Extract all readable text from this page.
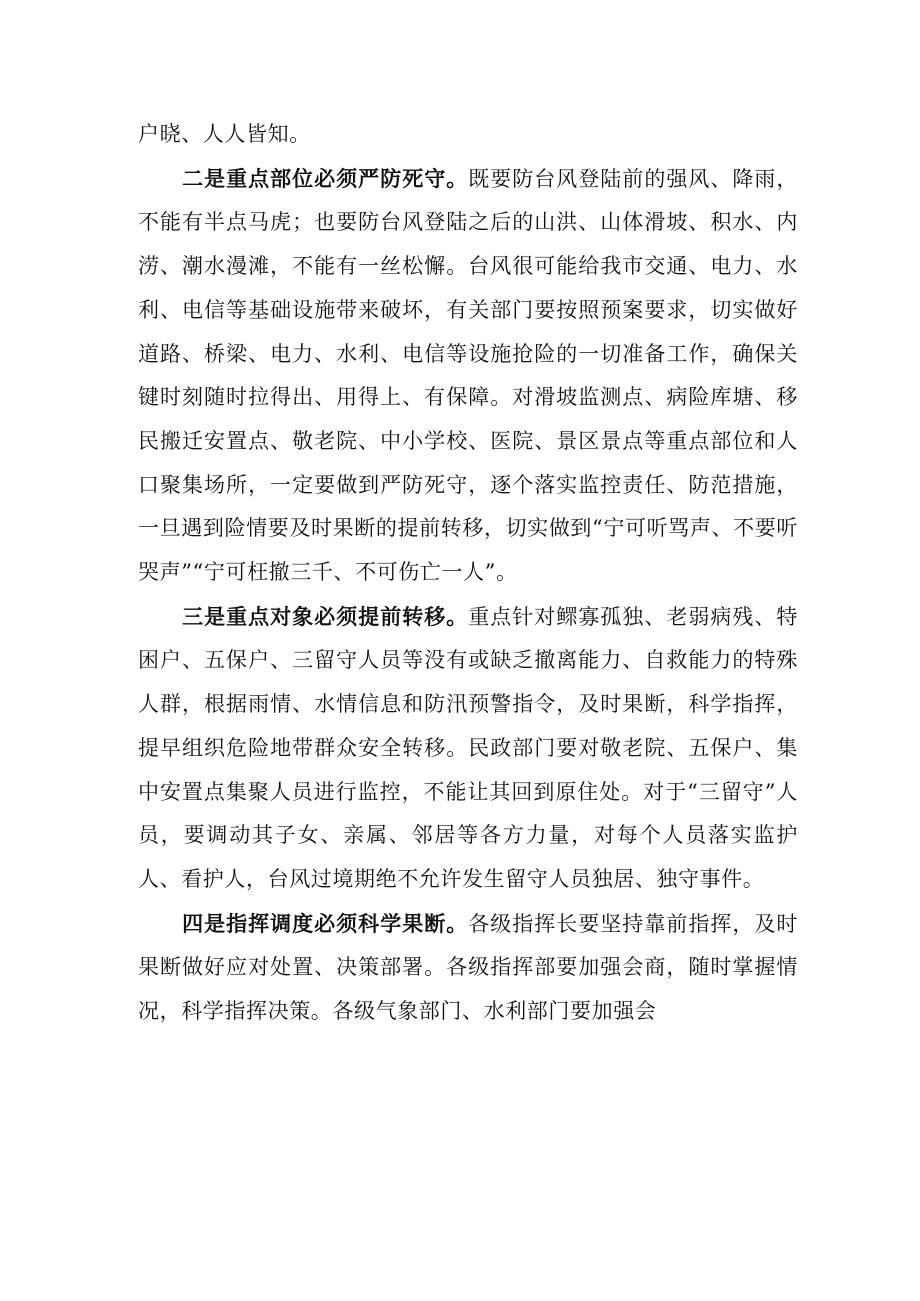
户晓、人人皆知。

二是重点部位必须严防死守。既要防台风登陆前的强风、降雨，不能有半点马虎；也要防台风登陆之后的山洪、山体滑坡、积水、内涝、潮水漫滩，不能有一丝松懈。台风很可能给我市交通、电力、水利、电信等基础设施带来破坏，有关部门要按照预案要求，切实做好道路、桥梁、电力、水利、电信等设施抢险的一切准备工作，确保关键时刻随时拉得出、用得上、有保障。对滑坡监测点、病险库塘、移民搬迁安置点、敬老院、中小学校、医院、景区景点等重点部位和人口聚集场所，一定要做到严防死守，逐个落实监控责任、防范措施，一旦遇到险情要及时果断的提前转移，切实做到“宁可听骂声、不要听哭声”“宁可枉撤三千、不可伤亡一人”。

三是重点对象必须提前转移。重点针对鳏寡孤独、老弱病残、特困户、五保户、三留守人员等没有或缺乏撤离能力、自救能力的特殊人群，根据雨情、水情信息和防汛预警指令，及时果断，科学指挥，提早组织危险地带群众安全转移。民政部门要对敬老院、五保户、集中安置点集聚人员进行监控，不能让其回到原住处。对于“三留守”人员，要调动其子女、亲属、邻居等各方力量，对每个人员落实监护人、看护人，台风过境期绝不允许发生留守人员独居、独守事件。

四是指挥调度必须科学果断。各级指挥长要坚持靠前指挥，及时果断做好应对处置、决策部署。各级指挥部要加强会商，随时掌握情况，科学指挥决策。各级气象部门、水利部门要加强会
